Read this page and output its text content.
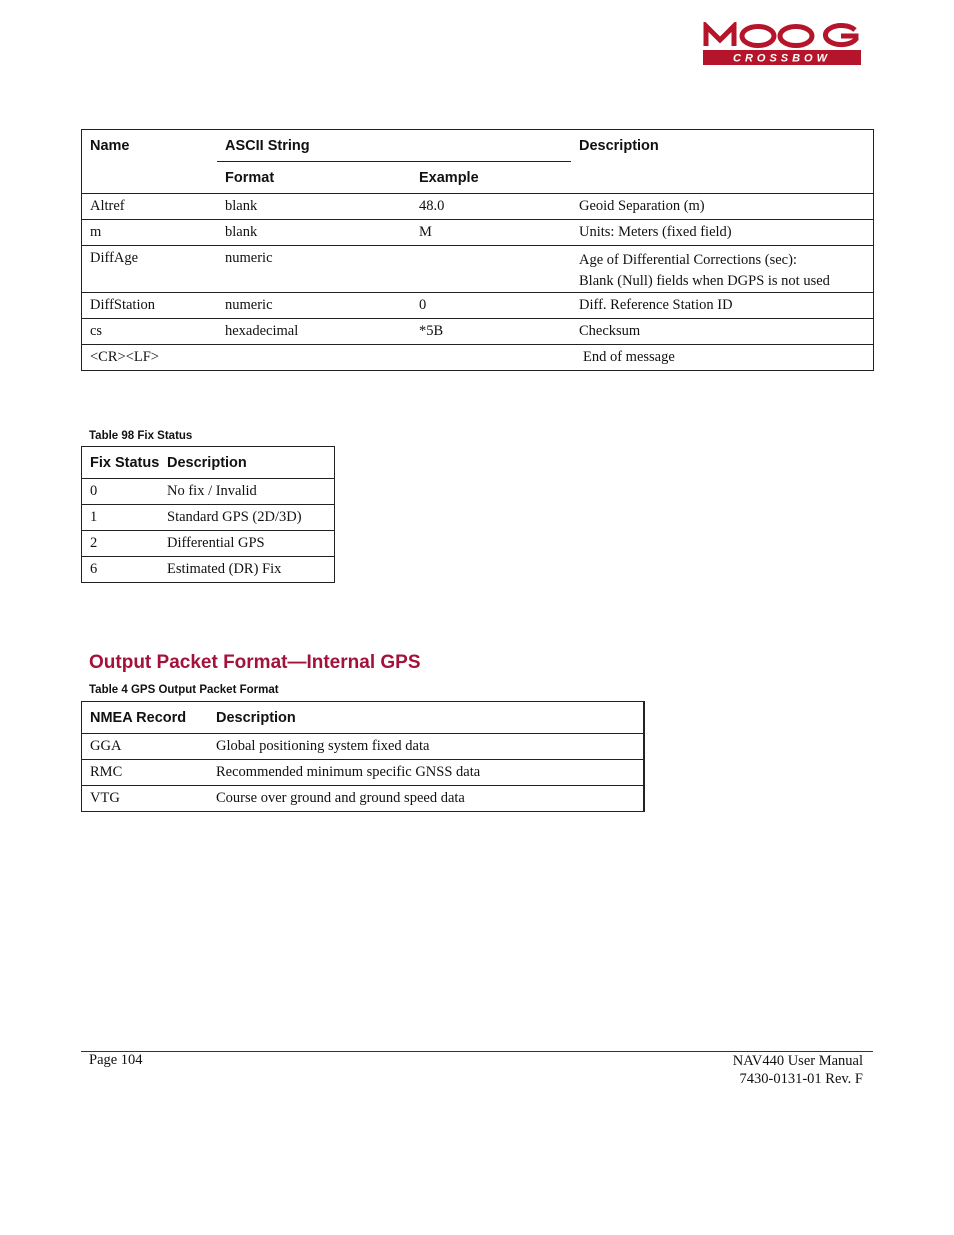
CROSSBOW
Name	ASCII String		Description
	Format	Example	
Altref	blank	48.0	Geoid Separation (m)
m	blank	M	Units: Meters (fixed field)
DiffAge	numeric		Age of Differential Corrections (sec):
Blank (Null) fields when DGPS is not used

DiffStation	numeric	0	Diff. Reference Station ID
cs	hexadecimal	*5B	Checksum
<CR><LF>			End of message
Table 98 Fix Status
Fix Status	Description
0	No fix / Invalid
1	Standard GPS (2D/3D)
2	Differential GPS
6	Estimated (DR) Fix
Output Packet Format—Internal GPS
Table 4 GPS Output Packet Format
NMEA Record	Description
GGA	Global positioning system fixed data
RMC	Recommended minimum specific GNSS data
VTG	Course over ground and ground speed data
Page 104	NAV440 User Manual
7430-0131-01 Rev. F
